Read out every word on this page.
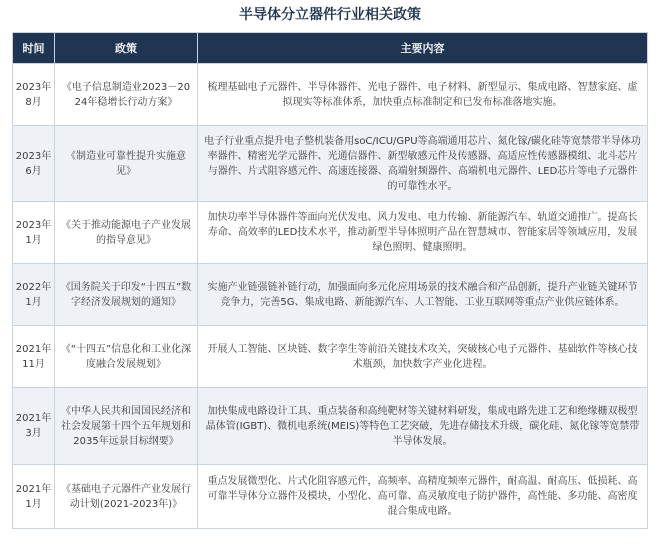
半导体分立器件行业相关政策
时间	政策	主要内容
2023年8月	《电子信息制造业2023－2024年稳增长行动方案》	梳理基础电子元器件、半导体器件、光电子器件、电子材料、新型显示、集成电路、智慧家庭、虚拟现实等标准体系，加快重点标准制定和已发布标准落地实施。
2023年6月	《制造业可靠性提升实施意见》	电子行业重点提升电子整机装备用soC/ICU/GPU等高端通用芯片、氮化镓/碳化硅等宽禁带半导体功率器件、精密光学元器件、光通信器件、新型敏感元件及传感器、高适应性传感器模组、北斗芯片与器件、片式阻容感元件、高速连接器、高端射频器件、高端机电元器件、LED芯片等电子元器件的可靠性水平。
2023年1月	《关于推动能源电子产业发展的指导意见》	加快功率半导体器件等面向光伏发电、风力发电、电力传输、新能源汽车、轨道交通推广。提高长寿命、高效率的LED技术水平，推动新型半导体照明产品在智慧城市、智能家居等领域应用，发展绿色照明、健康照明。
2022年1月	《国务院关于印发“十四五”数字经济发展规划的通知》	实施产业链强链补链行动，加强面向多元化应用场景的技术融合和产品创新，提升产业链关键环节竞争力，完善5G、集成电路、新能源汽车、人工智能、工业互联网等重点产业供应链体系。
2021年11月	《“十四五”信息化和工业化深度融合发展规划》	开展人工智能、区块链、数字孪生等前沿关键技术攻关，突破核心电子元器件、基础软件等核心技术瓶颈，加快数字产业化进程。
2021年3月	《中华人民共和国国民经济和社会发展第十四个五年规划和2035年远景目标纲要》	加快集成电路设计工具、重点装备和高纯靶材等关键材料研发，集成电路先进工艺和绝缘栅双极型晶体管(IGBT)、微机电系统(MEIS)等特色工艺突破，先进存储技术升级，碳化硅、氮化镓等宽禁带半导体发展。
2021年1月	《基础电子元器件产业发展行动计划(2021-2023年)》	重点发展微型化、片式化阻容感元件，高频率、高精度频率元器件，耐高温、耐高压、低损耗、高可靠半导体分立器件及模块，小型化、高可靠、高灵敏度电子防护器件，高性能、多功能、高密度混合集成电路。
